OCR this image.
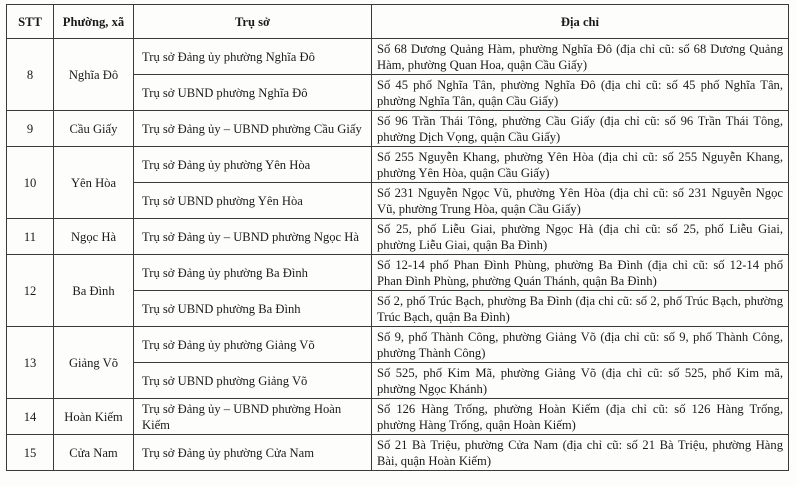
STT	Phường, xã	Trụ sở	Địa chỉ
8	Nghĩa Đô	Trụ sở Đảng ủy phường Nghĩa Đô	Số 68 Dương Quảng Hàm, phường Nghĩa Đô (địa chỉ cũ: số 68 Dương Quảng Hàm, phường Quan Hoa, quận Cầu Giấy)
		Trụ sở UBND phường Nghĩa Đô	Số 45 phố Nghĩa Tân, phường Nghĩa Đô (địa chỉ cũ: số 45 phố Nghĩa Tân, phường Nghĩa Tân, quận Cầu Giấy)
9	Cầu Giấy	Trụ sở Đảng ủy – UBND phường Cầu Giấy	Số 96 Trần Thái Tông, phường Cầu Giấy (địa chỉ cũ: số 96 Trần Thái Tông, phường Dịch Vọng, quận Cầu Giấy)
10	Yên Hòa	Trụ sở Đảng ủy phường Yên Hòa	Số 255 Nguyễn Khang, phường Yên Hòa (địa chỉ cũ: số 255 Nguyễn Khang, phường Yên Hòa, quận Cầu Giấy)
		Trụ sở UBND phường Yên Hòa	Số 231 Nguyễn Ngọc Vũ, phường Yên Hòa (địa chỉ cũ: số 231 Nguyễn Ngọc Vũ, phường Trung Hòa, quận Cầu Giấy)
11	Ngọc Hà	Trụ sở Đảng ủy – UBND phường Ngọc Hà	Số 25, phố Liễu Giai, phường Ngọc Hà (địa chỉ cũ: số 25, phố Liễu Giai, phường Liễu Giai, quận Ba Đình)
12	Ba Đình	Trụ sở Đảng ủy phường Ba Đình	Số 12-14 phố Phan Đình Phùng, phường Ba Đình (địa chỉ cũ: số 12-14 phố Phan Đình Phùng, phường Quán Thánh, quận Ba Đình)
		Trụ sở UBND phường Ba Đình	Số 2, phố Trúc Bạch, phường Ba Đình (địa chỉ cũ: số 2, phố Trúc Bạch, phường Trúc Bạch, quận Ba Đình)
13	Giảng Võ	Trụ sở Đảng ủy phường Giảng Võ	Số 9, phố Thành Công, phường Giảng Võ (địa chỉ cũ: số 9, phố Thành Công, phường Thành Công)
		Trụ sở UBND phường Giảng Võ	Số 525, phố Kim Mã, phường Giảng Võ (địa chỉ cũ: số 525, phố Kim mã, phường Ngọc Khánh)
14	Hoàn Kiếm	Trụ sở Đảng ủy – UBND phường Hoàn Kiếm	Số 126 Hàng Trống, phường Hoàn Kiếm (địa chỉ cũ: số 126 Hàng Trống, phường Hàng Trống, quận Hoàn Kiếm)
15	Cửa Nam	Trụ sở Đảng ủy phường Cửa Nam	Số 21 Bà Triệu, phường Cửa Nam (địa chỉ cũ: số 21 Bà Triệu, phường Hàng Bài, quận Hoàn Kiếm)
